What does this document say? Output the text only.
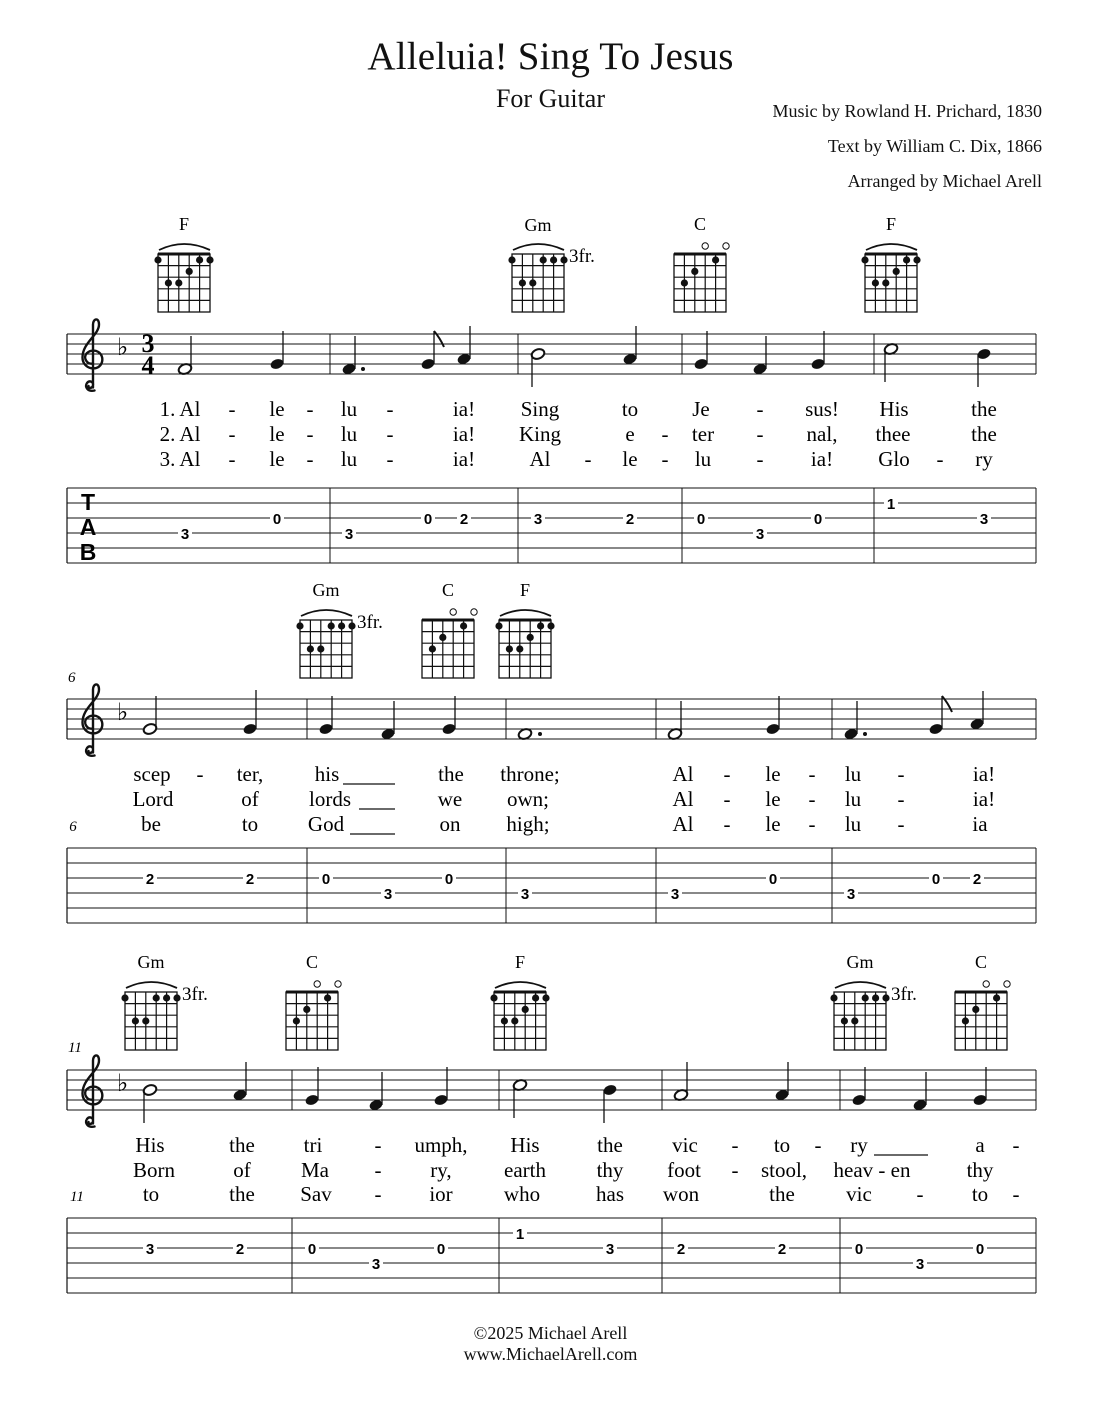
Alleluia! Sing To Jesus
For Guitar	Music by Rowland H. Prichard, 1830
Text by William C. Dix, 1866
Arranged by Michael Arell
F	Gm
3fr.
C	F
♭ 3
4
1. Al - le - lu -	ia! Sing	to	Je - sus! His	the
2. Al - le - lu -	ia! King	e - ter - nal, thee	the
3. Al - le - lu -	ia!	Al - le - lu - ia! Glo - ry
T
A
B
3
0
3
0 2	3	2	0
3
0
1
3
Gm
3fr.
C	F
6
♭
scep - ter, his	the throne;	Al - le - lu -	ia!
Lord	of lords	we own;	Al - le - lu -	ia!
6	be	to God	on high;	Al - le - lu -	ia
2	2	0
3
0
3	3
0
3
0 2
Gm
3fr.
C	F	Gm
3fr.
C
11
♭
His	the tri - umph, His	the vic - to - ry	a -
Born	of Ma - ry, earth thy foot - stool, heav - en	thy
11	to	the Sav - ior who	has won	the vic - to -
3	2	0
3
0
1
3	2	2	0
3
0
©2025 Michael Arell
www.MichaelArell.com
